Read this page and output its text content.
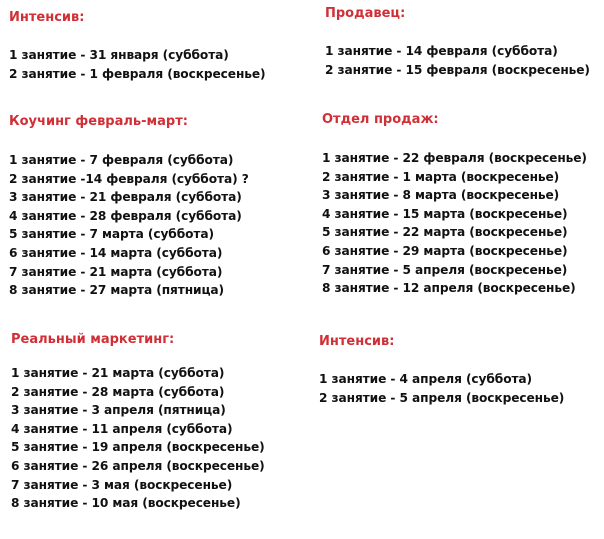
Интенсив:
1 занятие - 31 января (суббота)
2 занятие - 1 февраля (воскресенье)
Продавец:
1 занятие - 14 февраля (суббота)
2 занятие - 15 февраля (воскресенье)
Коучинг февраль-март:
1 занятие - 7 февраля (суббота)
2 занятие -14 февраля (суббота) ?
3 занятие - 21 февраля (суббота)
4 занятие - 28 февраля (суббота)
5 занятие - 7 марта (суббота)
6 занятие - 14 марта (суббота)
7 занятие - 21 марта (суббота)
8 занятие - 27 марта (пятница)
Отдел продаж:
1 занятие - 22 февраля (воскресенье)
2 занятие - 1 марта (воскресенье)
3 занятие - 8 марта (воскресенье)
4 занятие - 15 марта (воскресенье)
5 занятие - 22 марта (воскресенье)
6 занятие - 29 марта (воскресенье)
7 занятие - 5 апреля (воскресенье)
8 занятие - 12 апреля (воскресенье)
Реальный маркетинг:
1 занятие - 21 марта (суббота)
2 занятие - 28 марта (суббота)
3 занятие - 3 апреля (пятница)
4 занятие - 11 апреля (суббота)
5 занятие - 19 апреля (воскресенье)
6 занятие - 26 апреля (воскресенье)
7 занятие - 3 мая (воскресенье)
8 занятие - 10 мая (воскресенье)
Интенсив:
1 занятие - 4 апреля (суббота)
2 занятие - 5 апреля (воскресенье)
